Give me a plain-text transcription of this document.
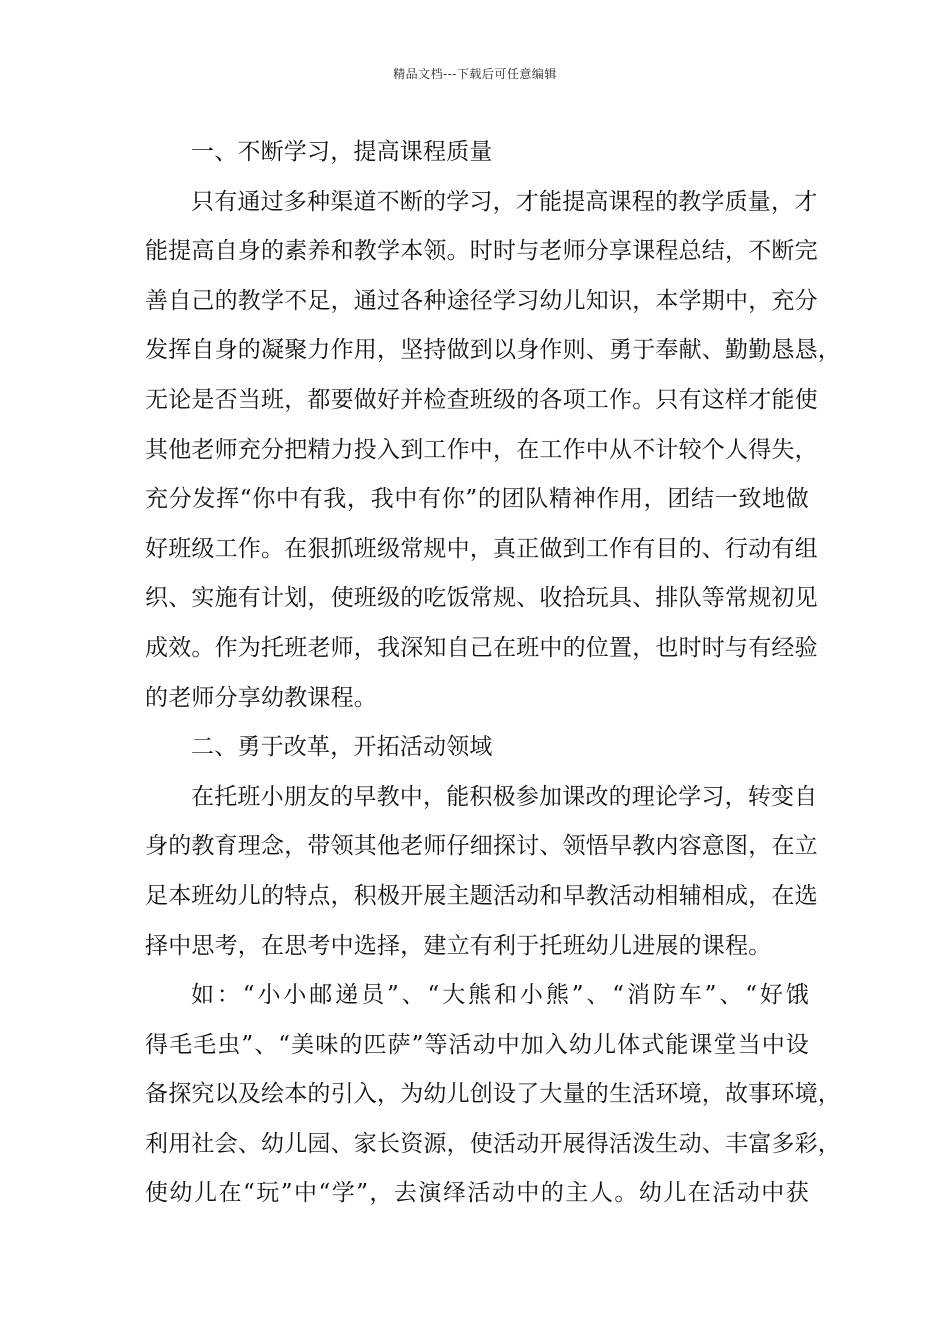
精品文档---下载后可任意编辑
一、不断学习，提高课程质量
只有通过多种渠道不断的学习，才能提高课程的教学质量，才
能提高自身的素养和教学本领。时时与老师分享课程总结，不断完
善自己的教学不足，通过各种途径学习幼儿知识，本学期中，充分
发挥自身的凝聚力作用，坚持做到以身作则、勇于奉献、勤勤恳恳，
无论是否当班，都要做好并检查班级的各项工作。只有这样才能使
其他老师充分把精力投入到工作中，在工作中从不计较个人得失，
充分发挥“你中有我，我中有你”的团队精神作用，团结一致地做
好班级工作。在狠抓班级常规中，真正做到工作有目的、行动有组
织、实施有计划，使班级的吃饭常规、收拾玩具、排队等常规初见
成效。作为托班老师，我深知自己在班中的位置，也时时与有经验
的老师分享幼教课程。
二、勇于改革，开拓活动领域
在托班小朋友的早教中，能积极参加课改的理论学习，转变自
身的教育理念，带领其他老师仔细探讨、领悟早教内容意图，在立
足本班幼儿的特点，积极开展主题活动和早教活动相辅相成，在选
择中思考，在思考中选择，建立有利于托班幼儿进展的课程。
如：“小小邮递员”、“大熊和小熊”、“消防车”、“好饿
得毛毛虫”、“美味的匹萨”等活动中加入幼儿体式能课堂当中设
备探究以及绘本的引入，为幼儿创设了大量的生活环境，故事环境，
利用社会、幼儿园、家长资源，使活动开展得活泼生动、丰富多彩，
使幼儿在“玩”中“学”，去演绎活动中的主人。幼儿在活动中获
